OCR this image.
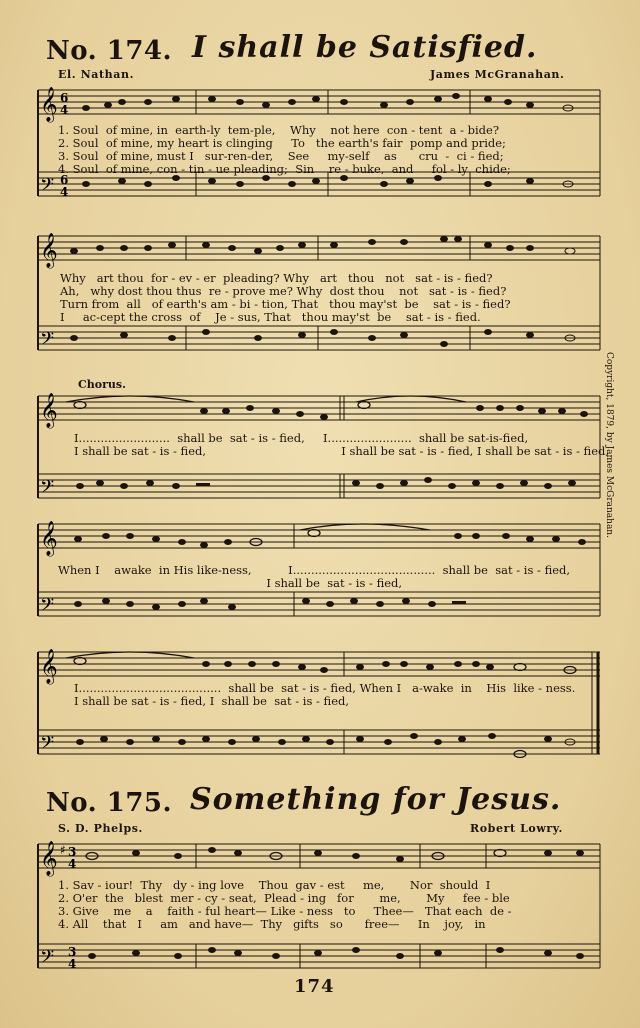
No. 174. I shall be Satisfied.
El. Nathan.	James McGranahan.
𝄞
𝄢
6
4
6
4
1. Soul  of mine, in  earth-ly  tem-ple,    Why    not here  con - tent  a - bide?
2. Soul  of mine, my heart is clinging     To   the earth's fair  pomp and pride;
3. Soul  of mine, must I   sur-ren-der,    See     my-self    as      cru  -  ci - fied;
4. Soul  of mine, con - tin - ue pleading;  Sin    re - buke,  and     fol - ly  chide;
𝄞
𝄢
Why   art thou  for - ev - er  pleading? Why   art   thou   not   sat - is - fied?
Ah,   why dost thou thus  re - prove me? Why  dost thou    not   sat - is - fied?
Turn from  all   of earth's am - bi - tion, That   thou may'st  be    sat - is - fied?
I     ac-cept the cross  of    Je - sus, That   thou may'st  be    sat - is - fied.
Chorus.
𝄞
𝄢
I.........................  shall be  sat - is - fied,     I.......................  shall be sat-is-fied,
I shall be sat - is - fied,                                     I shall be sat - is - fied, I shall be sat - is - fied,
𝄞
𝄢
When I    awake  in His like-ness,          I.......................................  shall be  sat - is - fied,
I shall be  sat - is - fied,
𝄞
𝄢
I.......................................  shall be  sat - is - fied, When I   a-wake  in    His  like - ness.
I shall be sat - is - fied, I  shall be  sat - is - fied,
Copyright, 1879, by James McGranahan.
No. 175. Something for Jesus.
S. D. Phelps.	Robert Lowry.
𝄞
𝄢
♯ 3
4
3
4
1. Sav - iour!  Thy   dy - ing love    Thou  gav - est     me,       Nor  should  I
2. O'er  the   blest  mer - cy - seat,  Plead - ing   for       me,       My     fee - ble
3. Give    me    a    faith - ful heart— Like - ness   to     Thee—   That each  de -
4. All    that   I     am   and have—  Thy   gifts   so      free—     In    joy,   in
174
